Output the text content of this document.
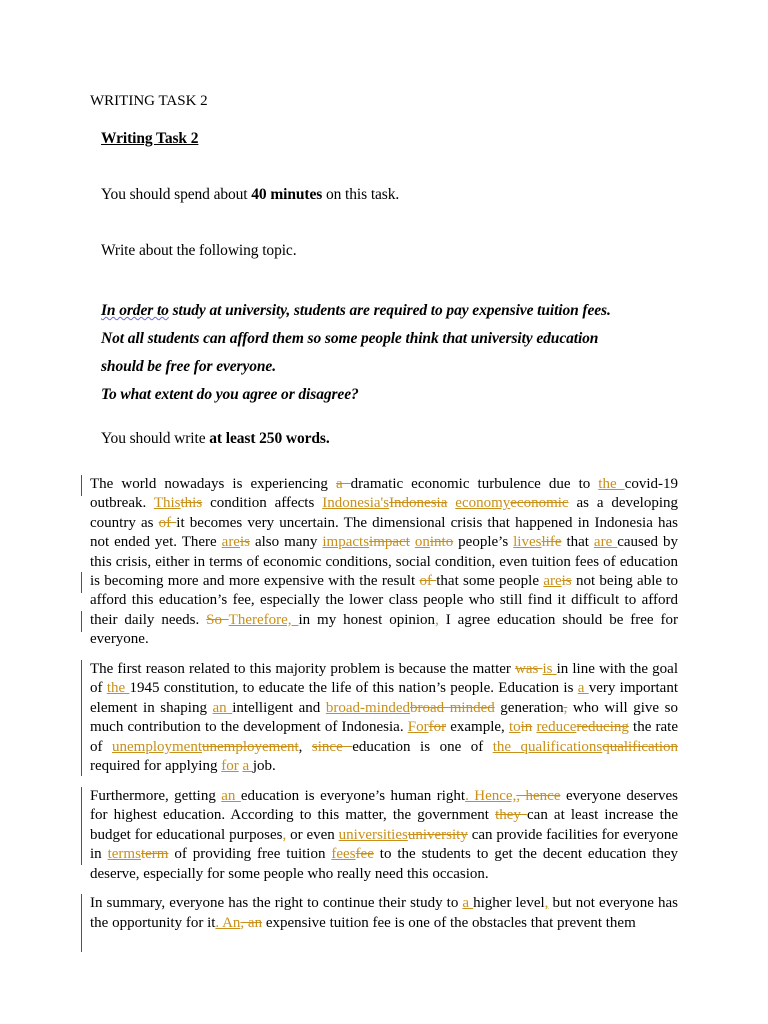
WRITING TASK 2

Writing Task 2

You should spend about 40 minutes on this task.

Write about the following topic.

In order to study at university, students are required to pay expensive tuition fees.

Not all students can afford them so some people think that university education

should be free for everyone.

To what extent do you agree or disagree?

You should write at least 250 words.

The world nowadays is experiencing a dramatic economic turbulence due to the covid-19 outbreak. Thisthis condition affects Indonesia'sIndonesia economyeconomic as a developing country as of it becomes very uncertain. The dimensional crisis that happened in Indonesia has not ended yet. There areis also many impactsimpact oninto people’s liveslife that are caused by this crisis, either in terms of economic conditions, social condition, even tuition fees of education is becoming more and more expensive with the result of that some people areis not being able to afford this education’s fee, especially the lower class people who still find it difficult to afford their daily needs. So Therefore, in my honest opinion, I agree education should be free for everyone.

The first reason related to this majority problem is because the matter was is in line with the goal of the 1945 constitution, to educate the life of this nation’s people. Education is a very important element in shaping an intelligent and broad-mindedbroad minded generation, who will give so much contribution to the development of Indonesia. Forfor example, toin reducereducing the rate of unemploymentunemployement, since education is one of the qualificationsqualification required for applying for a job.

Furthermore, getting an education is everyone’s human right. Hence,, hence everyone deserves for highest education. According to this matter, the government they can at least increase the budget for educational purposes, or even universitiesuniversity can provide facilities for everyone in termsterm of providing free tuition feesfee to the students to get the decent education they deserve, especially for some people who really need this occasion.

In summary, everyone has the right to continue their study to a higher level, but not everyone has the opportunity for it. An, an expensive tuition fee is one of the obstacles that prevent them
